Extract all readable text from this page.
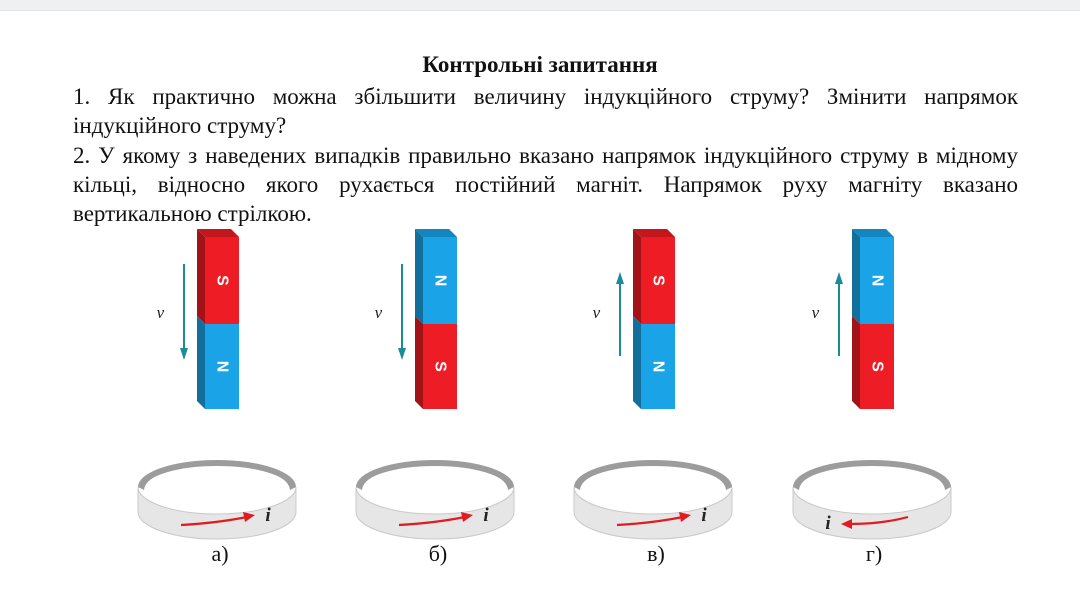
Контрольні запитання
1. Як практично можна збільшити величину індукційного струму? Змінити напрямок індукційного струму?
2. У якому з наведених випадків правильно вказано напрямок індукційного струму в мідному кільці, відносно якого рухається постійний магніт. Напрямок руху магніту вказано вертикальною стрілкою.
S
N
v⃗
i
N
S
v⃗
i
S
N
v⃗
i
N
S
v⃗
i
а)	б)	в)	г)
